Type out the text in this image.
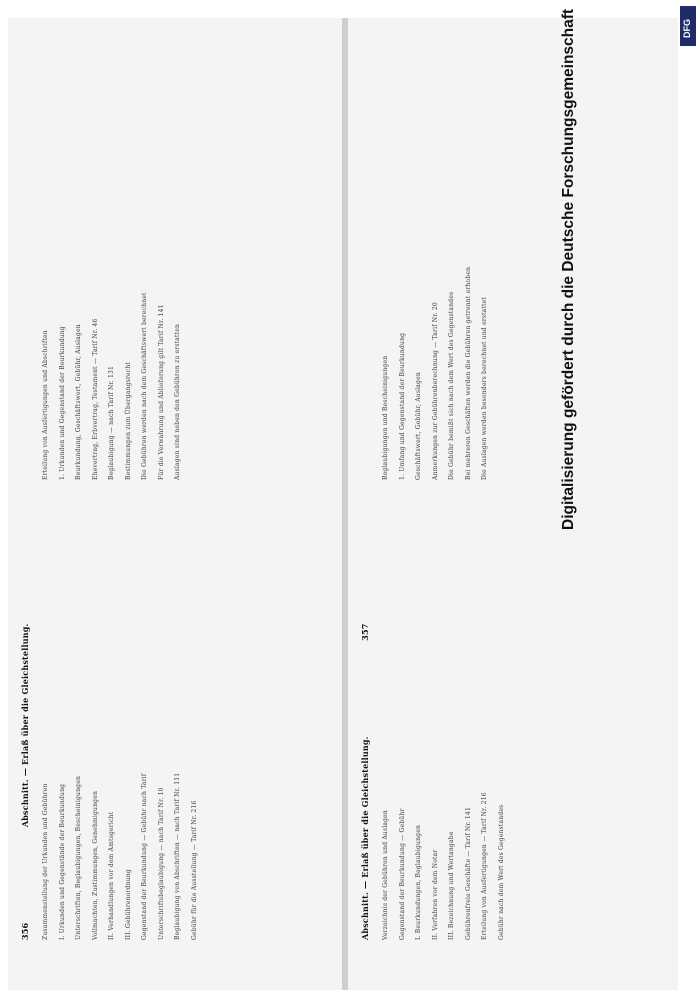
356                                Abschnitt. — Erlaß über die Gleichstellung.
Zusammenstellung der Urkunden und Gebühren I. Urkunden und Gegenstände der Beurkundung Unterschriften, Beglaubigungen, Bescheinigungen Vollmachten, Zustimmungen, Genehmigungen II. Verhandlungen vor dem Amtsgericht III. Gebührenordnung Gegenstand der Beurkundung — Gebühr nach Tarif Unterschriftsbeglaubigung — nach Tarif Nr. 10 Beglaubigung von Abschriften — nach Tarif Nr. 111 Gebühr für die Ausstellung — Tarif Nr. 216
Erteilung von Ausfertigungen und Abschriften 1. Urkunden und Gegenstand der Beurkundung Beurkundung, Geschäftswert, Gebühr, Auslagen Ehevertrag, Erbvertrag, Testament — Tarif Nr. 46 Beglaubigung — nach Tarif Nr. 131 Bestimmungen zum Übergangsrecht Die Gebühren werden nach dem Geschäftswert berechnet Für die Verwahrung und Ablieferung gilt Tarif Nr. 141 Auslagen sind neben den Gebühren zu erstatten
Abschnitt. — Erlaß über die Gleichstellung.                                357
Verzeichnis der Gebühren und Auslagen Gegenstand der Beurkundung — Gebühr I. Beurkundungen, Beglaubigungen II. Verfahren vor dem Notar III. Bezeichnung und Wertangabe Gebührenfreie Geschäfte — Tarif Nr. 141 Erteilung von Ausfertigungen — Tarif Nr. 216 Gebühr nach dem Wert des Gegenstandes
Beglaubigungen und Bescheinigungen 1. Umfang und Gegenstand der Beurkundung Geschäftswert, Gebühr, Auslagen Anmerkungen zur Gebührenberechnung — Tarif Nr. 20 Die Gebühr bemißt sich nach dem Wert des Gegenstandes Bei mehreren Geschäften werden die Gebühren getrennt erhoben Die Auslagen werden besonders berechnet und erstattet	Digitalisierung gefördert durch die Deutsche Forschungsgemeinschaft	DFG
